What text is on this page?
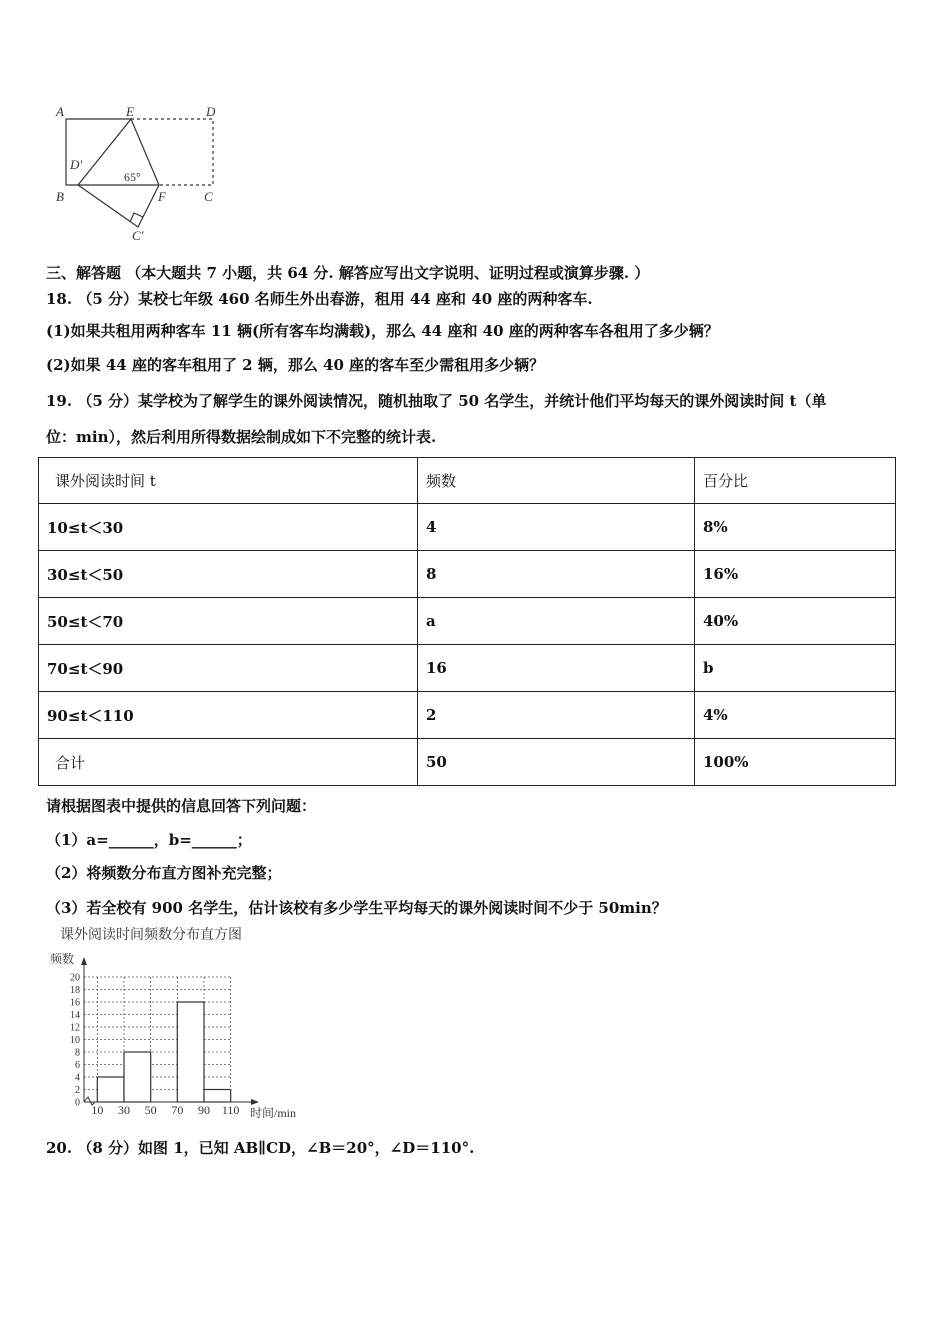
A	E	D
D′
B
65°
F	C
C′
三、解答题 （本大题共 7 小题，共 64 分. 解答应写出文字说明、证明过程或演算步骤. ）
18. （5 分）某校七年级 460 名师生外出春游，租用 44 座和 40 座的两种客车.
(1)如果共租用两种客车 11 辆(所有客车均满载)，那么 44 座和 40 座的两种客车各租用了多少辆？
(2)如果 44 座的客车租用了 2 辆，那么 40 座的客车至少需租用多少辆？
19. （5 分）某学校为了解学生的课外阅读情况，随机抽取了 50 名学生，并统计他们平均每天的课外阅读时间 t（单
位：min），然后利用所得数据绘制成如下不完整的统计表.
课外阅读时间 t	频数	百分比
10≤t＜30	4	8%
30≤t＜50	8	16%
50≤t＜70	a	40%
70≤t＜90	16	b
90≤t＜110	2	4%
合计	50	100%
请根据图表中提供的信息回答下列问题：
（1）a=______，b=______；
（2）将频数分布直方图补充完整；
（3）若全校有 900 名学生，估计该校有多少学生平均每天的课外阅读时间不少于 50min？
课外阅读时间频数分布直方图
频数
时间/min
0
2
4
6
8
10
12
14
16
18
20
10 30 50 70 90 110
20. （8 分）如图 1，已知 AB∥CD，∠B＝20°，∠D＝110°.
